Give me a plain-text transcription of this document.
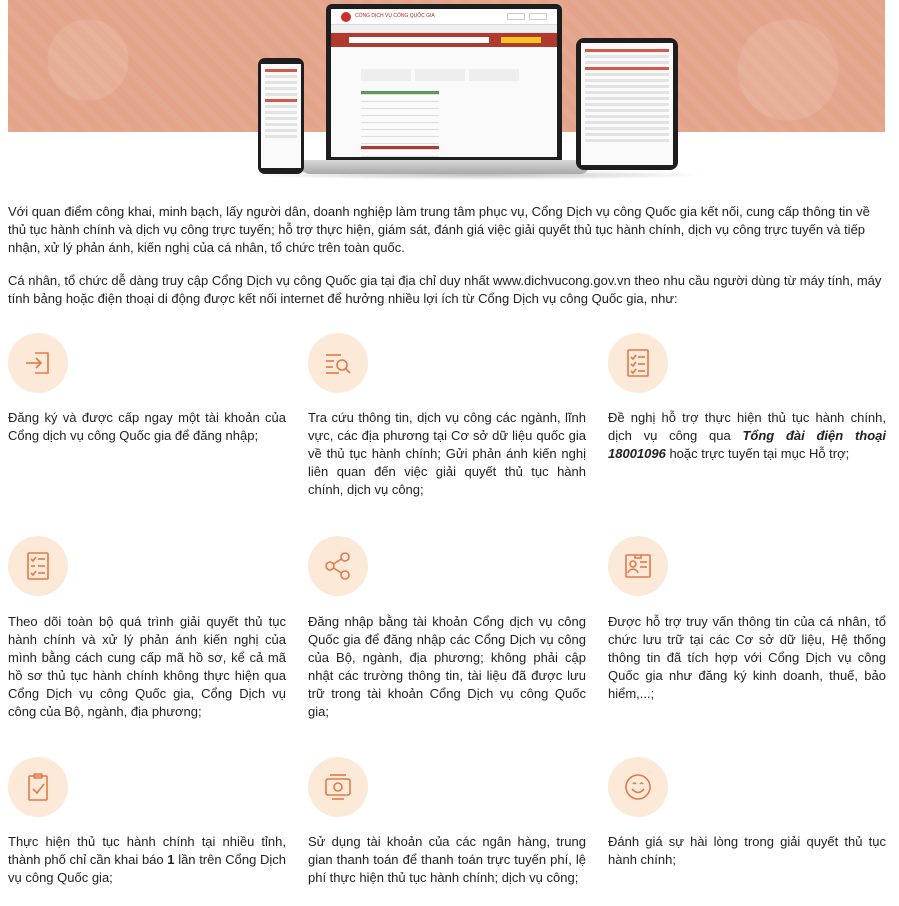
CỔNG DỊCH VỤ CÔNG QUỐC GIA

Với quan điểm công khai, minh bạch, lấy người dân, doanh nghiệp làm trung tâm phục vụ, Cổng Dịch vụ công Quốc gia kết nối, cung cấp thông tin về thủ tục hành chính và dịch vụ công trực tuyến; hỗ trợ thực hiện, giám sát, đánh giá việc giải quyết thủ tục hành chính, dịch vụ công trực tuyến và tiếp nhận, xử lý phản ánh, kiến nghị của cá nhân, tổ chức trên toàn quốc.

Cá nhân, tổ chức dễ dàng truy cập Cổng Dịch vụ công Quốc gia tại địa chỉ duy nhất www.dichvucong.gov.vn theo nhu cầu người dùng từ máy tính, máy tính bảng hoặc điện thoại di động được kết nối internet để hưởng nhiều lợi ích từ Cổng Dịch vụ công Quốc gia, như:

Đăng ký và được cấp ngay một tài khoản của Cổng dịch vụ công Quốc gia để đăng nhập;

Tra cứu thông tin, dịch vụ công các ngành, lĩnh vực, các địa phương tại Cơ sở dữ liệu quốc gia về thủ tục hành chính; Gửi phản ánh kiến nghị liên quan đến việc giải quyết thủ tục hành chính, dịch vụ công;

Đề nghị hỗ trợ thực hiện thủ tục hành chính, dịch vụ công qua Tổng đài điện thoại 18001096 hoặc trực tuyến tại mục Hỗ trợ;

Theo dõi toàn bộ quá trình giải quyết thủ tục hành chính và xử lý phản ánh kiến nghị của mình bằng cách cung cấp mã hồ sơ, kể cả mã hồ sơ thủ tục hành chính không thực hiện qua Cổng Dịch vụ công Quốc gia, Cổng Dịch vụ công của Bộ, ngành, địa phương;

Đăng nhập bằng tài khoản Cổng dịch vụ công Quốc gia để đăng nhập các Cổng Dịch vụ công của Bộ, ngành, địa phương; không phải cập nhật các trường thông tin, tài liệu đã được lưu trữ trong tài khoản Cổng Dịch vụ công Quốc gia;

Được hỗ trợ truy vấn thông tin của cá nhân, tổ chức lưu trữ tại các Cơ sở dữ liệu, Hệ thống thông tin đã tích hợp với Cổng Dịch vụ công Quốc gia như đăng ký kinh doanh, thuế, bảo hiểm,...;

Thực hiện thủ tục hành chính tại nhiều tỉnh, thành phố chỉ cần khai báo 1 lần trên Cổng Dịch vụ công Quốc gia;

Sử dụng tài khoản của các ngân hàng, trung gian thanh toán để thanh toán trực tuyến phí, lệ phí thực hiện thủ tục hành chính; dịch vụ công;

Đánh giá sự hài lòng trong giải quyết thủ tục hành chính;
